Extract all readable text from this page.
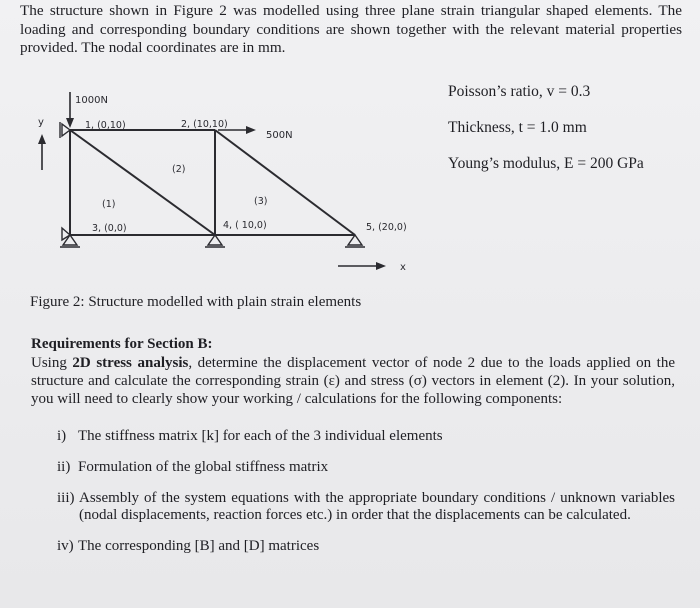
The structure shown in Figure 2 was modelled using three plane strain triangular shaped elements. The loading and corresponding boundary conditions are shown together with the relevant material properties provided. The nodal coordinates are in mm.

Poisson’s ratio, v = 0.3
Thickness, t = 1.0 mm
Young’s modulus, E = 200 GPa
y
1000N
500N
1, (0,10)	2, (10,10)
3, (0,0)	4, ( 10,0)	5, (20,0)
(1)
(2)
(3)
x
Figure 2: Structure modelled with plain strain elements
Requirements for Section B:

Using 2D stress analysis, determine the displacement vector of node 2 due to the loads applied on the structure and calculate the corresponding strain (ε) and stress (σ) vectors in element (2). In your solution, you will need to clearly show your working / calculations for the following components:

i) The stiffness matrix [k] for each of the 3 individual elements
ii) Formulation of the global stiffness matrix
iii) Assembly of the system equations with the appropriate boundary conditions / unknown variables (nodal displacements, reaction forces etc.) in order that the displacements can be calculated.
iv) The corresponding [B] and [D] matrices
